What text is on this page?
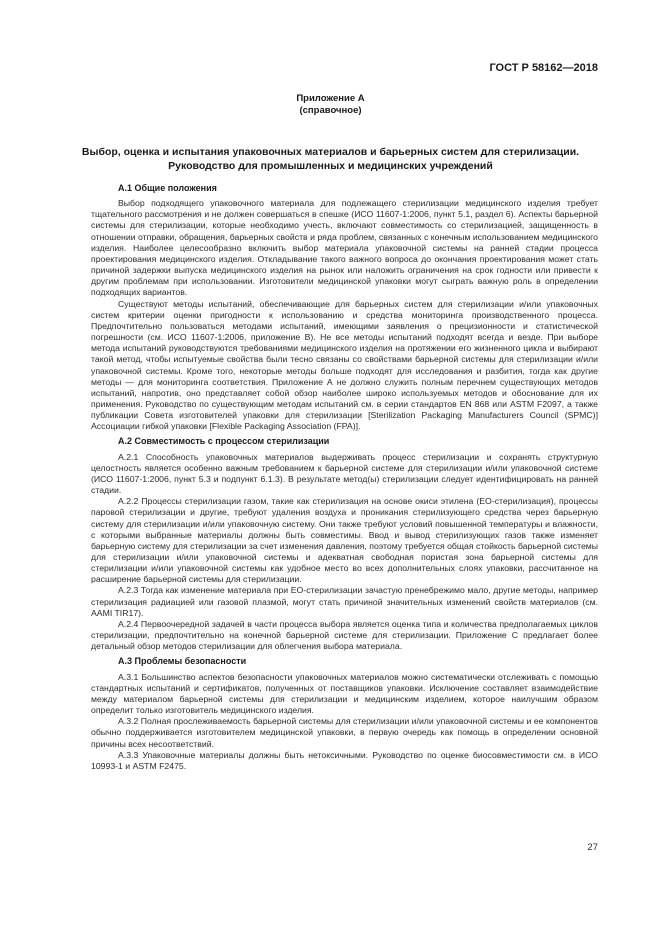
ГОСТ Р 58162—2018
Приложение А
(справочное)
Выбор, оценка и испытания упаковочных материалов и барьерных систем для стерилизации.
Руководство для промышленных и медицинских учреждений
А.1 Общие положения

Выбор подходящего упаковочного материала для подлежащего стерилизации медицинского изделия требует тщательного рассмотрения и не должен совершаться в спешке (ИСО 11607-1:2006, пункт 5.1, раздел 6). Аспекты барьерной системы для стерилизации, которые необходимо учесть, включают совместимость со стерилизацией, защищенность в отношении отправки, обращения, барьерных свойств и ряда проблем, связанных с конечным использованием медицинского изделия. Наиболее целесообразно включить выбор материала упаковочной системы на ранней стадии процесса проектирования медицинского изделия. Откладывание такого важного вопроса до окончания проектирования может стать причиной задержки выпуска медицинского изделия на рынок или наложить ограничения на срок годности или привести к другим проблемам при использовании. Изготовители медицинской упаковки могут сыграть важную роль в определении подходящих вариантов.

Существуют методы испытаний, обеспечивающие для барьерных систем для стерилизации и/или упаковочных систем критерии оценки пригодности к использованию и средства мониторинга производственного процесса. Предпочтительно пользоваться методами испытаний, имеющими заявления о прецизионности и статистической погрешности (см. ИСО 11607-1:2006, приложение В). Не все методы испытаний подходят всегда и везде. При выборе метода испытаний руководствуются требованиями медицинского изделия на протяжении его жизненного цикла и выбирают такой метод, чтобы испытуемые свойства были тесно связаны со свойствами барьерной системы для стерилизации и/или упаковочной системы. Кроме того, некоторые методы больше подходят для исследования и разбития, тогда как другие методы — для мониторинга соответствия. Приложение А не должно служить полным перечнем существующих методов испытаний, напротив, оно представляет собой обзор наиболее широко используемых методов и обоснование для их применения. Руководство по существующим методам испытаний см. в серии стандартов EN 868 или ASTM F2097, а также публикации Совета изготовителей упаковки для стерилизации [Sterilization Packaging Manufacturers Council (SPMC)] Ассоциации гибкой упаковки [Flexible Packaging Association (FPA)].

А.2 Совместимость с процессом стерилизации

А.2.1 Способность упаковочных материалов выдерживать процесс стерилизации и сохранять структурную целостность является особенно важным требованием к барьерной системе для стерилизации и/или упаковочной системе (ИСО 11607-1:2006, пункт 5.3 и подпункт 6.1.3). В результате метод(ы) стерилизации следует идентифицировать на ранней стадии.

А.2.2 Процессы стерилизации газом, такие как стерилизация на основе окиси этилена (ЕО-стерилизация), процессы паровой стерилизации и другие, требуют удаления воздуха и проникания стерилизующего средства через барьерную систему для стерилизации и/или упаковочную систему. Они также требуют условий повышенной температуры и влажности, с которыми выбранные материалы должны быть совместимы. Ввод и вывод стерилизующих газов также изменяет барьерную систему для стерилизации за счет изменения давления, поэтому требуется общая стойкость барьерной системы для стерилизации и/или упаковочной системы и адекватная свободная пористая зона барьерной системы для стерилизации и/или упаковочной системы как удобное место во всех дополнительных слоях упаковки, рассчитанное на расширение барьерной системы для стерилизации.

А.2.3 Тогда как изменение материала при ЕО-стерилизации зачастую пренебрежимо мало, другие методы, например стерилизация радиацией или газовой плазмой, могут стать причиной значительных изменений свойств материалов (см. AAMI TIR17).

А.2.4 Первоочередной задачей в части процесса выбора является оценка типа и количества предполагаемых циклов стерилизации, предпочтительно на конечной барьерной системе для стерилизации. Приложение С предлагает более детальный обзор методов стерилизации для облегчения выбора материала.

А.3 Проблемы безопасности

А.3.1 Большинство аспектов безопасности упаковочных материалов можно систематически отслеживать с помощью стандартных испытаний и сертификатов, полученных от поставщиков упаковки. Исключение составляет взаимодействие между материалом барьерной системы для стерилизации и медицинским изделием, которое наилучшим образом определит только изготовитель медицинского изделия.

А.3.2 Полная прослеживаемость барьерной системы для стерилизации и/или упаковочной системы и ее компонентов обычно поддерживается изготовителем медицинской упаковки, в первую очередь как помощь в определении основной причины всех несоответствий.

А.3.3 Упаковочные материалы должны быть нетоксичными. Руководство по оценке биосовместимости см. в ИСО 10993-1 и ASTM F2475.

27
